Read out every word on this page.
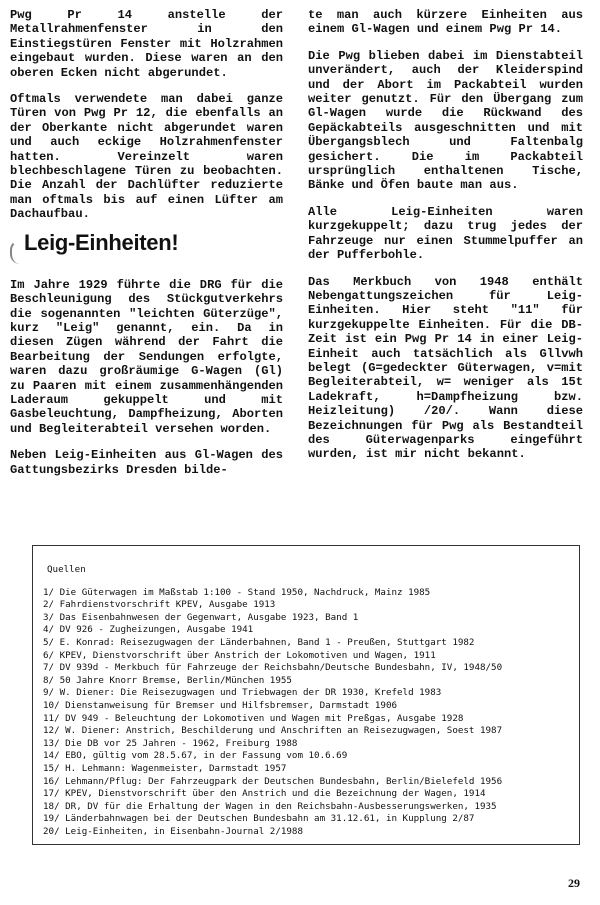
Pwg Pr 14 anstelle der Metallrahmenfenster in den Einstiegstüren Fenster mit Holzrahmen eingebaut wurden. Diese waren an den oberen Ecken nicht abgerundet.

Oftmals verwendete man dabei ganze Türen von Pwg Pr 12, die ebenfalls an der Oberkante nicht abgerundet waren und auch eckige Holzrahmenfenster hatten. Vereinzelt waren blechbeschlagene Türen zu beobachten. Die Anzahl der Dachlüfter reduzierte man oftmals bis auf einen Lüfter am Dachaufbau.

Leig-Einheiten!

Im Jahre 1929 führte die DRG für die Beschleunigung des Stückgutverkehrs die sogenannten "leichten Güterzüge", kurz "Leig" genannt, ein. Da in diesen Zügen während der Fahrt die Bearbeitung der Sendungen erfolgte, waren dazu großräumige G-Wagen (Gl) zu Paaren mit einem zusammenhängenden Laderaum gekuppelt und mit Gasbeleuchtung, Dampfheizung, Aborten und Begleiterabteil versehen worden.

Neben Leig-Einheiten aus Gl-Wagen des Gattungsbezirks Dresden bilde-

te man auch kürzere Einheiten aus einem Gl-Wagen und einem Pwg Pr 14.

Die Pwg blieben dabei im Dienstabteil unverändert, auch der Kleiderspind und der Abort im Packabteil wurden weiter genutzt. Für den Übergang zum Gl-Wagen wurde die Rückwand des Gepäckabteils ausgeschnitten und mit Übergangsblech und Faltenbalg gesichert. Die im Packabteil ursprünglich enthaltenen Tische, Bänke und Öfen baute man aus.

Alle Leig-Einheiten waren kurzgekuppelt; dazu trug jedes der Fahrzeuge nur einen Stummelpuffer an der Pufferbohle.

Das Merkbuch von 1948 enthält Nebengattungszeichen für Leig-Einheiten. Hier steht "11" für kurzgekuppelte Einheiten. Für die DB-Zeit ist ein Pwg Pr 14 in einer Leig-Einheit auch tatsächlich als Gllvwh belegt (G=gedeckter Güterwagen, v=mit Begleiterabteil, w= weniger als 15t Ladekraft, h=Dampfheizung bzw. Heizleitung) /20/. Wann diese Bezeichnungen für Pwg als Bestandteil des Güterwagenparks eingeführt wurden, ist mir nicht bekannt.

Quellen
1/ Die Güterwagen im Maßstab 1:100 - Stand 1950, Nachdruck, Mainz 1985
2/ Fahrdienstvorschrift KPEV, Ausgabe 1913
3/ Das Eisenbahnwesen der Gegenwart, Ausgabe 1923, Band 1
4/ DV 926 - Zugheizungen, Ausgabe 1941
5/ E. Konrad: Reisezugwagen der Länderbahnen, Band 1 - Preußen, Stuttgart 1982
6/ KPEV, Dienstvorschrift über Anstrich der Lokomotiven und Wagen, 1911
7/ DV 939d - Merkbuch für Fahrzeuge der Reichsbahn/Deutsche Bundesbahn, IV, 1948/50
8/ 50 Jahre Knorr Bremse, Berlin/München 1955
9/ W. Diener: Die Reisezugwagen und Triebwagen der DR 1930, Krefeld 1983
10/ Dienstanweisung für Bremser und Hilfsbremser, Darmstadt 1906
11/ DV 949 - Beleuchtung der Lokomotiven und Wagen mit Preßgas, Ausgabe 1928
12/ W. Diener: Anstrich, Beschilderung und Anschriften an Reisezugwagen, Soest 1987
13/ Die DB vor 25 Jahren - 1962, Freiburg 1988
14/ EBO, gültig vom 28.5.67, in der Fassung vom 10.6.69
15/ H. Lehmann: Wagenmeister, Darmstadt 1957
16/ Lehmann/Pflug: Der Fahrzeugpark der Deutschen Bundesbahn, Berlin/Bielefeld 1956
17/ KPEV, Dienstvorschrift über den Anstrich und die Bezeichnung der Wagen, 1914
18/ DR, DV für die Erhaltung der Wagen in den Reichsbahn-Ausbesserungswerken, 1935
19/ Länderbahnwagen bei der Deutschen Bundesbahn am 31.12.61, in Kupplung 2/87
20/ Leig-Einheiten, in Eisenbahn-Journal 2/1988
29
